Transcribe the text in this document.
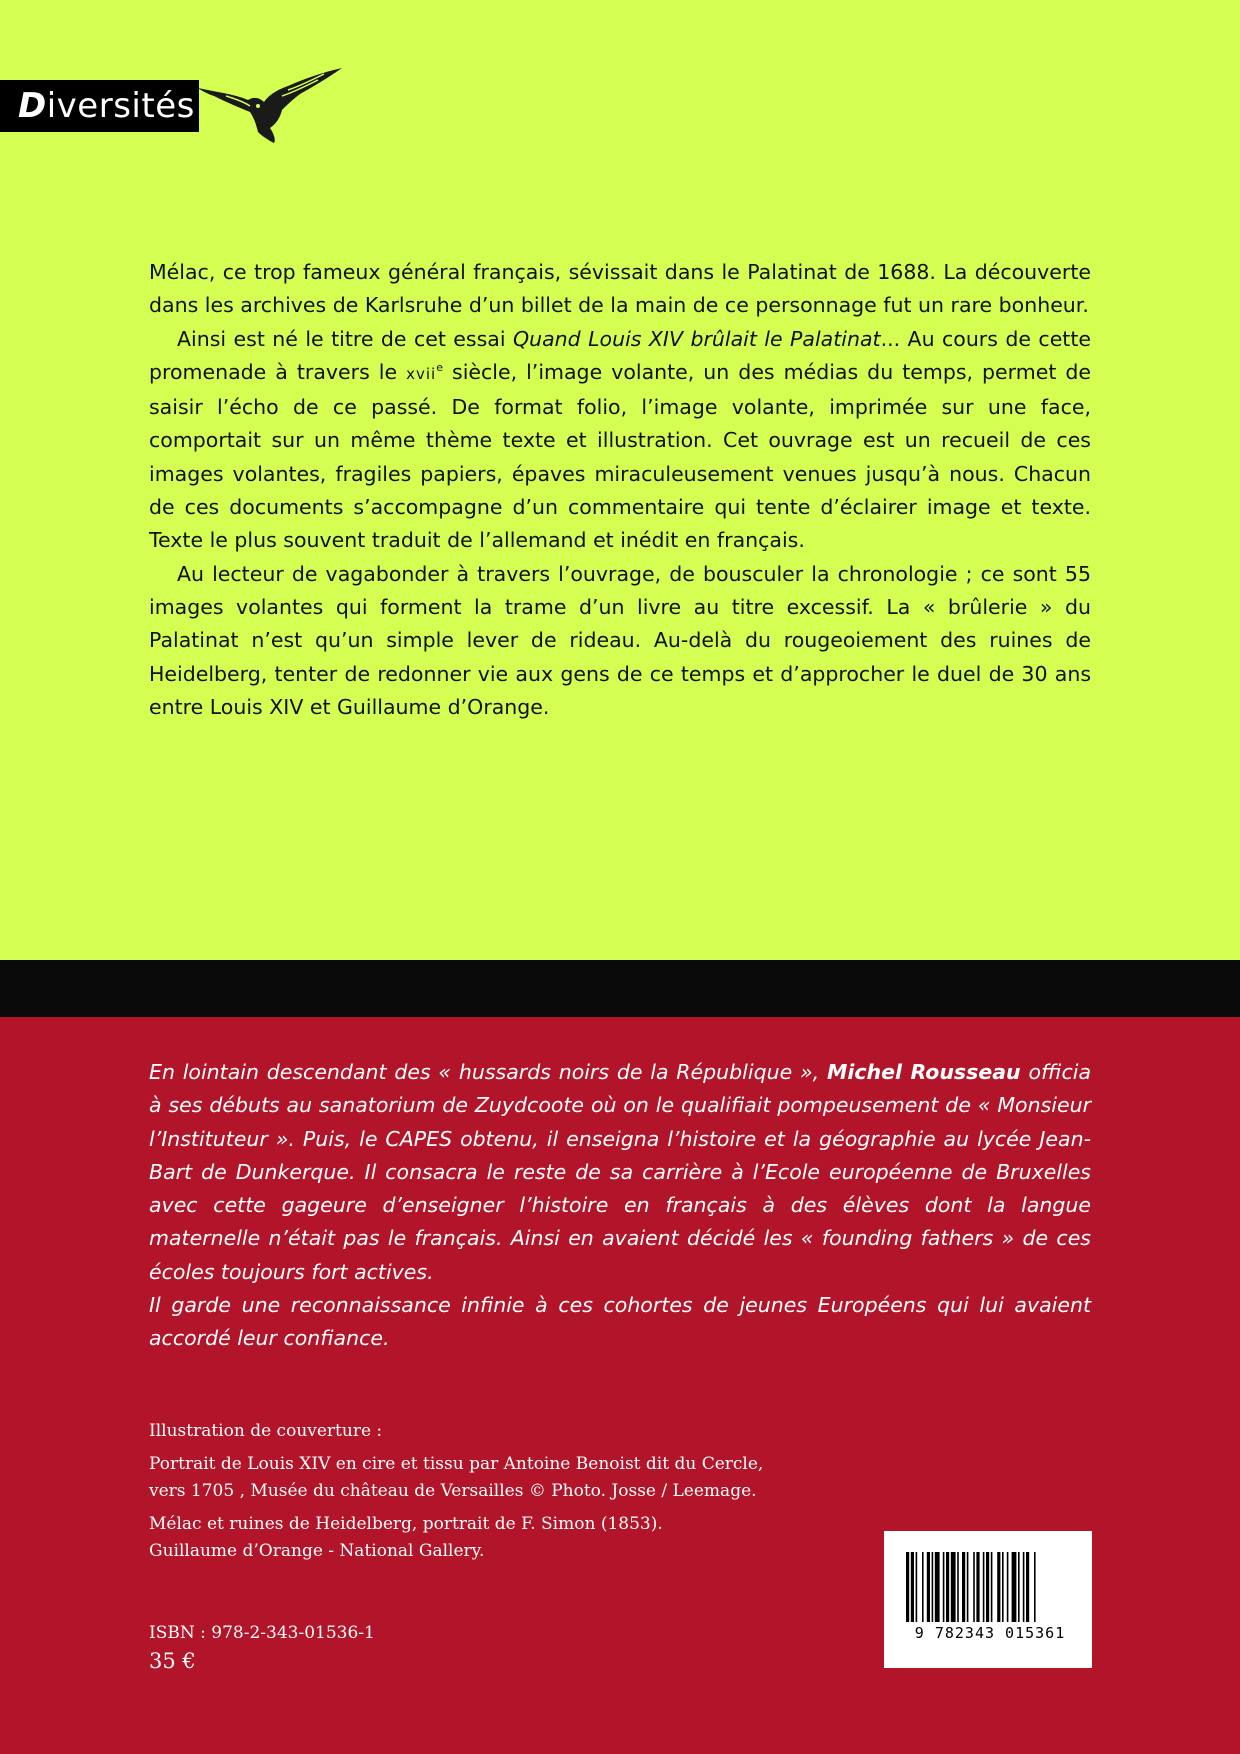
Diversités

Mélac, ce trop fameux général français, sévissait dans le Palatinat de 1688. La découverte dans les archives de Karlsruhe d’un billet de la main de ce personnage fut un rare bonheur.

Ainsi est né le titre de cet essai Quand Louis XIV brûlait le Palatinat... Au cours de cette promenade à travers le xvii$^e$ siècle, l’image volante, un des médias du temps, permet de saisir l’écho de ce passé. De format folio, l’image volante, imprimée sur une face, comportait sur un même thème texte et illustration. Cet ouvrage est un recueil de ces images volantes, fragiles papiers, épaves miraculeusement venues jusqu’à nous. Chacun de ces documents s’accompagne d’un commentaire qui tente d’éclairer image et texte. Texte le plus souvent traduit de l’allemand et inédit en français.

Au lecteur de vagabonder à travers l’ouvrage, de bousculer la chronologie ; ce sont 55 images volantes qui forment la trame d’un livre au titre excessif. La « brûlerie » du Palatinat n’est qu’un simple lever de rideau. Au-delà du rougeoiement des ruines de Heidelberg, tenter de redonner vie aux gens de ce temps et d’approcher le duel de 30 ans entre Louis XIV et Guillaume d’Orange.

En lointain descendant des « hussards noirs de la République », Michel Rousseau officia à ses débuts au sanatorium de Zuydcoote où on le qualifiait pompeusement de « Monsieur l’Instituteur ». Puis, le CAPES obtenu, il enseigna l’histoire et la géographie au lycée Jean-Bart de Dunkerque. Il consacra le reste de sa carrière à l’Ecole européenne de Bruxelles avec cette gageure d’enseigner l’histoire en français à des élèves dont la langue maternelle n’était pas le français. Ainsi en avaient décidé les « founding fathers » de ces écoles toujours fort actives.

Il garde une reconnaissance infinie à ces cohortes de jeunes Européens qui lui avaient accordé leur confiance.

Illustration de couverture :
Portrait de Louis XIV en cire et tissu par Antoine Benoist dit du Cercle,
vers 1705 , Musée du château de Versailles © Photo. Josse / Leemage.
Mélac et ruines de Heidelberg, portrait de F. Simon (1853).
Guillaume d’Orange - National Gallery.
ISBN : 978-2-343-01536-1
35 €
9 782343 015361
